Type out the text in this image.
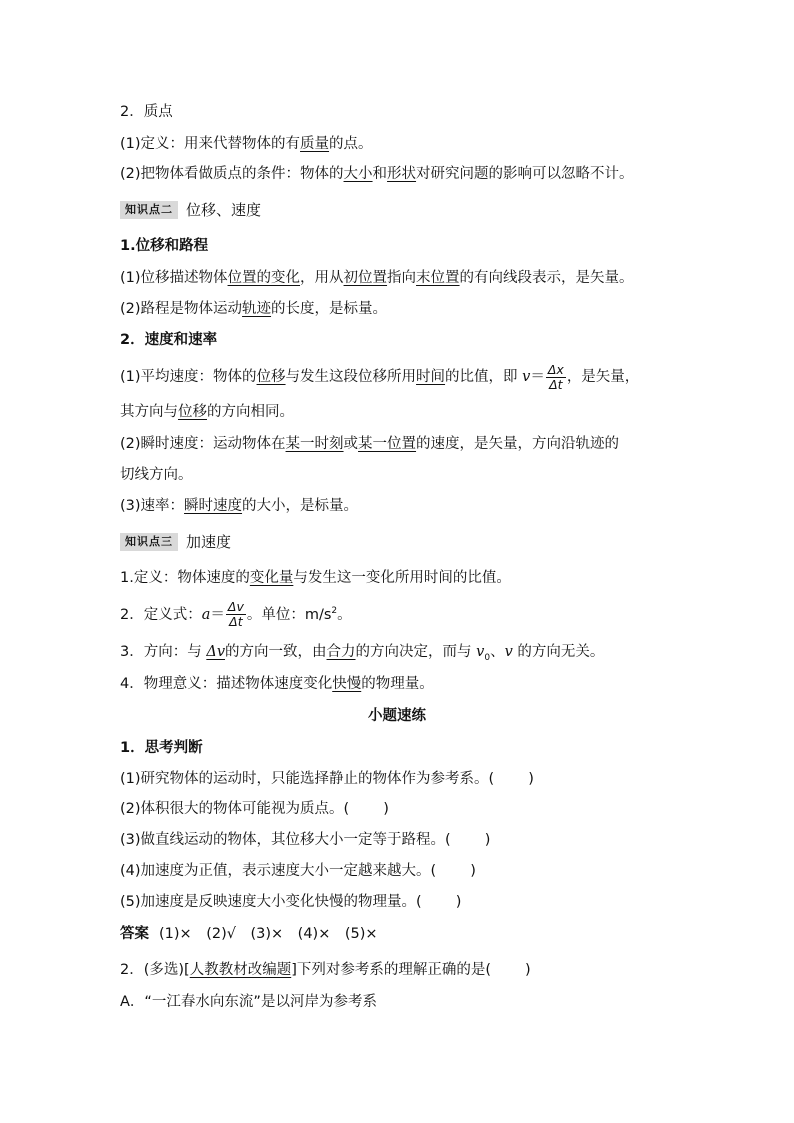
2．质点
(1)定义：用来代替物体的有质量的点。
(2)把物体看做质点的条件：物体的大小和形状对研究问题的影响可以忽略不计。
知识点二 位移、速度
1.位移和路程
(1)位移描述物体位置的变化，用从初位置指向末位置的有向线段表示，是矢量。
(2)路程是物体运动轨迹的长度，是标量。
2．速度和速率
(1)平均速度：物体的位移与发生这段位移所用时间的比值，即 $v= \frac{\Delta x}{\Delta t}$ ，是矢量，
其方向与位移的方向相同。
(2)瞬时速度：运动物体在某一时刻或某一位置的速度，是矢量，方向沿轨迹的
切线方向。
(3)速率：瞬时速度的大小，是标量。
知识点三 加速度
1.定义：物体速度的变化量与发生这一变化所用时间的比值。
2．定义式：$a= \frac{\Delta v}{\Delta t}$ 。单位：$m/s^2$。
3．方向：与 Δv的方向一致，由合力的方向决定，而与 $v_0$、v 的方向无关。
4．物理意义：描述物体速度变化快慢的物理量。
小题速练
1．思考判断
(1)研究物体的运动时，只能选择静止的物体作为参考系。( )
(2)体积很大的物体可能视为质点。( )
(3)做直线运动的物体，其位移大小一定等于路程。( )
(4)加速度为正值，表示速度大小一定越来越大。( )
(5)加速度是反映速度大小变化快慢的物理量。( )
答案 (1)×　(2)√　(3)×　(4)×　(5)×
2．(多选)[人教教材改编题]下列对参考系的理解正确的是( )
A．“一江春水向东流”是以河岸为参考系
